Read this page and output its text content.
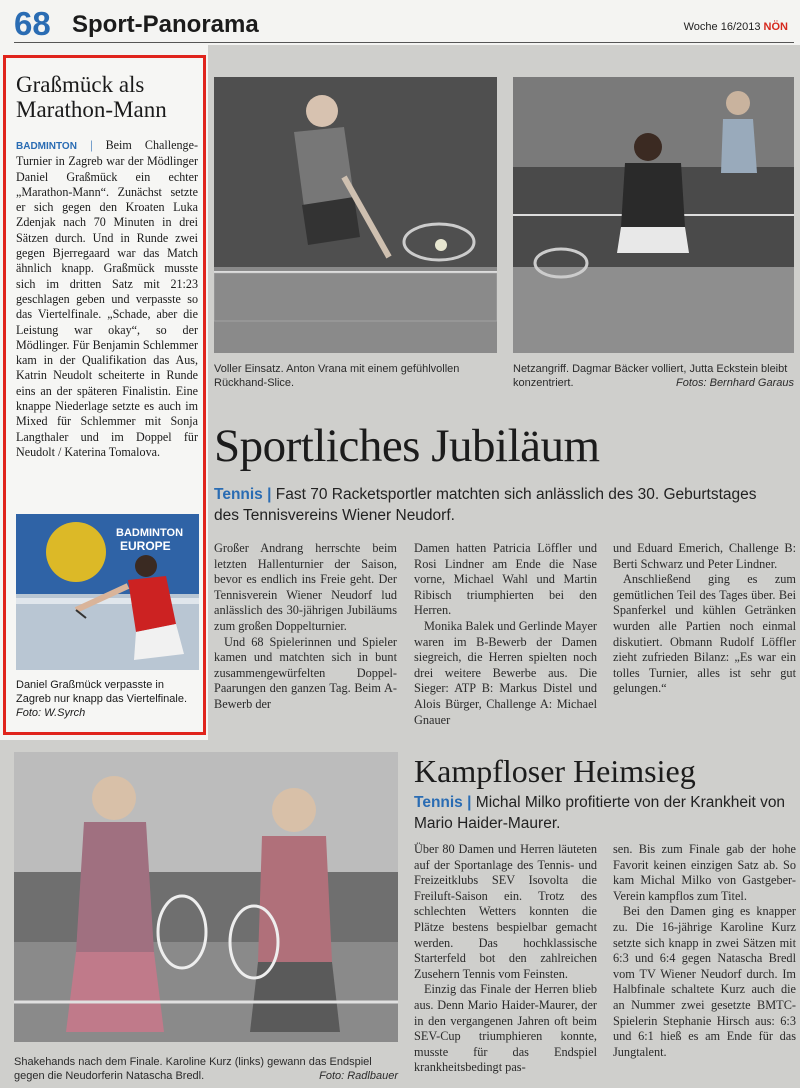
68 Sport-Panorama	Woche 16/2013 NÖN
Graßmück als Marathon-Mann
BADMINTON | Beim Challenge-Turnier in Zagreb war der Mödlinger Daniel Graßmück ein echter „Marathon-Mann“. Zunächst setzte er sich gegen den Kroaten Luka Zdenjak nach 70 Minuten in drei Sätzen durch. Und in Runde zwei gegen Bjerregaard war das Match ähnlich knapp. Graßmück musste sich im dritten Satz mit 21:23 geschlagen geben und verpasste so das Viertelfinale. „Schade, aber die Leistung war okay“, so der Mödlinger. Für Benjamin Schlemmer kam in der Qualifikation das Aus, Katrin Neudolt scheiterte in Runde eins an der späteren Finalistin. Eine knappe Niederlage setzte es auch im Mixed für Schlemmer mit Sonja Langthaler und im Doppel für Neudolt / Katerina Tomalova.
BADMINTON
EUROPE
Daniel Graßmück verpasste in Zagreb nur knapp das Viertelfinale.
Foto: W.Syrch
Voller Einsatz. Anton Vrana mit einem gefühlvollen Rückhand-Slice.
Netzangriff. Dagmar Bäcker volliert, Jutta Eckstein bleibt konzentriert.	Fotos: Bernhard Garaus
Sportliches Jubiläum
Tennis | Fast 70 Racketsportler matchten sich anlässlich des 30. Geburtstages des Tennisvereins Wiener Neudorf.

Großer Andrang herrschte beim letzten Hallenturnier der Saison, bevor es endlich ins Freie geht. Der Tennisverein Wiener Neudorf lud anlässlich des 30-jährigen Jubiläums zum großen Doppelturnier.

Und 68 Spielerinnen und Spieler kamen und matchten sich in bunt zusammengewürfelten Doppel-Paarungen den ganzen Tag. Beim A-Bewerb der

Damen hatten Patricia Löffler und Rosi Lindner am Ende die Nase vorne, Michael Wahl und Martin Ribisch triumphierten bei den Herren.

Monika Balek und Gerlinde Mayer waren im B-Bewerb der Damen siegreich, die Herren spielten noch drei weitere Bewerbe aus. Die Sieger: ATP B: Markus Distel und Alois Bürger, Challenge A: Michael Gnauer

und Eduard Emerich, Challenge B: Berti Schwarz und Peter Lindner.

Anschließend ging es zum gemütlichen Teil des Tages über. Bei Spanferkel und kühlen Getränken wurden alle Partien noch einmal diskutiert. Obmann Rudolf Löffler zieht zufrieden Bilanz: „Es war ein tolles Turnier, alles ist sehr gut gelungen.“

Shakehands nach dem Finale. Karoline Kurz (links) gewann das Endspiel gegen die Neudorferin Natascha Bredl.	Foto: Radlbauer
Kampfloser Heimsieg
Tennis | Michal Milko profitierte von der Krankheit von Mario Haider-Maurer.

Über 80 Damen und Herren läuteten auf der Sportanlage des Tennis- und Freizeitklubs SEV Isovolta die Freiluft-Saison ein. Trotz des schlechten Wetters konnten die Plätze bestens bespielbar gemacht werden. Das hochklassische Starterfeld bot den zahlreichen Zusehern Tennis vom Feinsten.

Einzig das Finale der Herren blieb aus. Denn Mario Haider-Maurer, der in den vergangenen Jahren oft beim SEV-Cup triumphieren konnte, musste für das Endspiel krankheitsbedingt pas-

sen. Bis zum Finale gab der hohe Favorit keinen einzigen Satz ab. So kam Michal Milko von Gastgeber-Verein kampflos zum Titel.

Bei den Damen ging es knapper zu. Die 16-jährige Karoline Kurz setzte sich knapp in zwei Sätzen mit 6:3 und 6:4 gegen Natascha Bredl vom TV Wiener Neudorf durch. Im Halbfinale schaltete Kurz auch die an Nummer zwei gesetzte BMTC-Spielerin Stephanie Hirsch aus: 6:3 und 6:1 hieß es am Ende für das Jungtalent.
